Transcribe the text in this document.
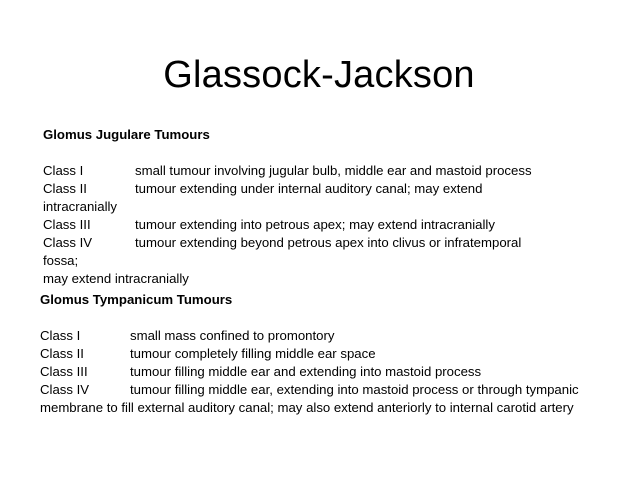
Glassock-Jackson
Glomus Jugulare Tumours
Class I	small tumour involving jugular bulb, middle ear and mastoid process
Class II	tumour extending under internal auditory canal; may extend
intracranially
Class III	tumour extending into petrous apex; may extend intracranially
Class IV	tumour extending beyond petrous apex into clivus or infratemporal
fossa;
may extend intracranially
Glomus Tympanicum Tumours
Class I	small mass confined to promontory
Class II	tumour completely filling middle ear space
Class III	tumour filling middle ear and extending into mastoid process
Class IV	tumour filling middle ear, extending into mastoid process or through tympanic
membrane to fill external auditory canal; may also extend anteriorly to internal carotid artery
